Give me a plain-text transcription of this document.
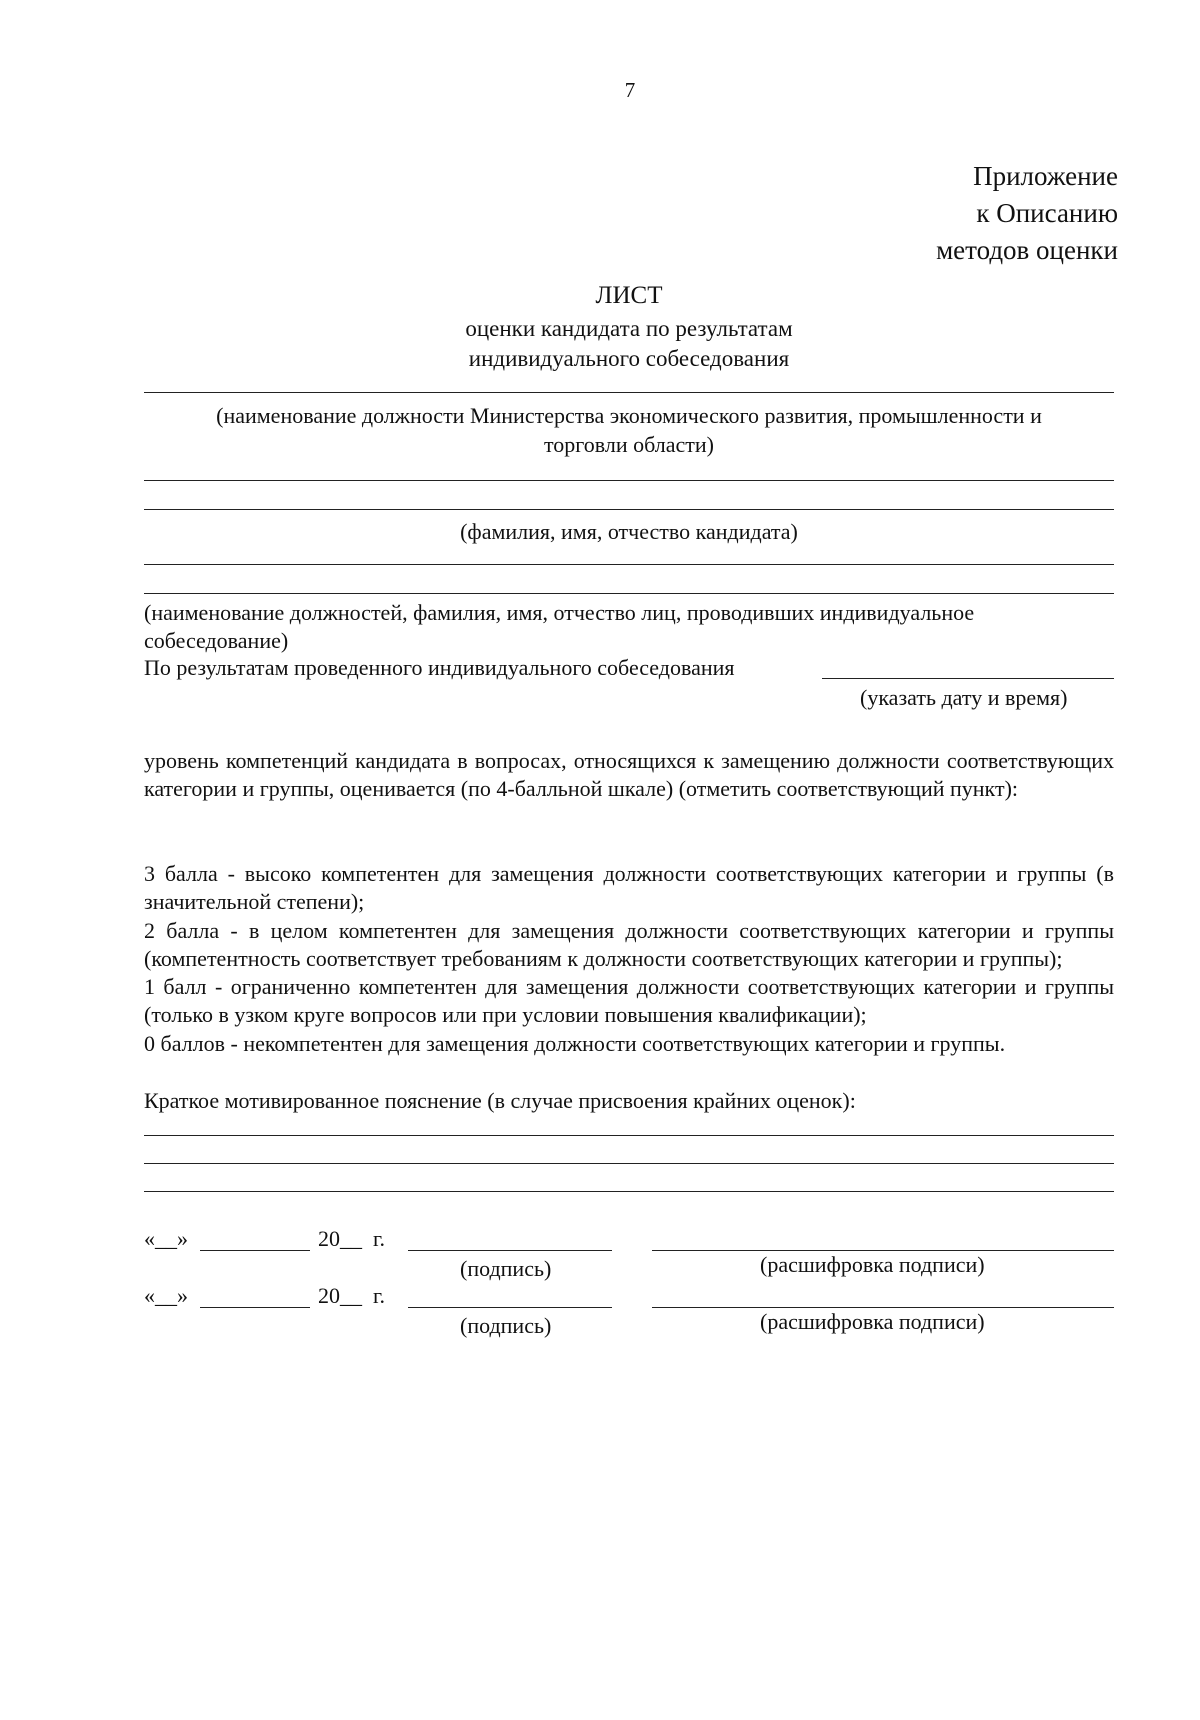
7
Приложение
к Описанию
методов оценки
ЛИСТ
оценки кандидата по результатам
индивидуального собеседования
(наименование должности Министерства экономического развития, промышленности и
торговли области)
(фамилия, имя, отчество кандидата)
(наименование должностей, фамилия, имя, отчество лиц, проводивших индивидуальное
собеседование)
По результатам проведенного индивидуального собеседования
(указать дату и время)
уровень компетенций кандидата в вопросах, относящихся к замещению должности соответствующих категории и группы, оценивается (по 4-балльной шкале) (отметить соответствующий пункт):

3 балла - высоко компетентен для замещения должности соответствующих категории и группы (в значительной степени);

2 балла - в целом компетентен для замещения должности соответствующих категории и группы (компетентность соответствует требованиям к должности соответствующих категории и группы);

1 балл - ограниченно компетентен для замещения должности соответствующих категории и группы (только в узком круге вопросов или при условии повышения квалификации);

0 баллов - некомпетентен для замещения должности соответствующих категории и группы.

Краткое мотивированное пояснение (в случае присвоения крайних оценок):
«__»	20__ г.
(подпись)	(расшифровка подписи)
«__»	20__ г.
(подпись)	(расшифровка подписи)
